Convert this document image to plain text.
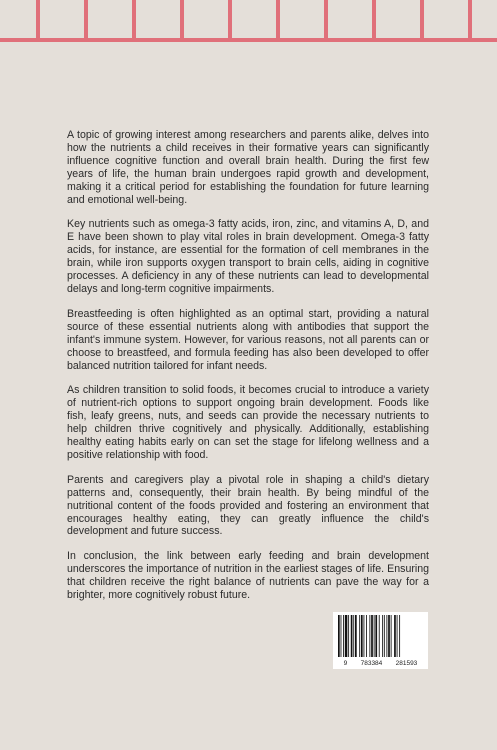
A topic of growing interest among researchers and parents alike, delves into how the nutrients a child receives in their formative years can significantly influence cognitive function and overall brain health. During the first few years of life, the human brain undergoes rapid growth and development, making it a critical period for establishing the foundation for future learning and emotional well-being.

Key nutrients such as omega-3 fatty acids, iron, zinc, and vitamins A, D, and E have been shown to play vital roles in brain development. Omega-3 fatty acids, for instance, are essential for the formation of cell membranes in the brain, while iron supports oxygen transport to brain cells, aiding in cognitive processes. A deficiency in any of these nutrients can lead to developmental delays and long-term cognitive impairments.

Breastfeeding is often highlighted as an optimal start, providing a natural source of these essential nutrients along with antibodies that support the infant's immune system. However, for various reasons, not all parents can or choose to breastfeed, and formula feeding has also been developed to offer balanced nutrition tailored for infant needs.

As children transition to solid foods, it becomes crucial to introduce a variety of nutrient-rich options to support ongoing brain development. Foods like fish, leafy greens, nuts, and seeds can provide the necessary nutrients to help children thrive cognitively and physically. Additionally, establishing healthy eating habits early on can set the stage for lifelong wellness and a positive relationship with food.

Parents and caregivers play a pivotal role in shaping a child's dietary patterns and, consequently, their brain health. By being mindful of the nutritional content of the foods provided and fostering an environment that encourages healthy eating, they can greatly influence the child's development and future success.

In conclusion, the link between early feeding and brain development underscores the importance of nutrition in the earliest stages of life. Ensuring that children receive the right balance of nutrients can pave the way for a brighter, more cognitively robust future.

9 783384 281593
